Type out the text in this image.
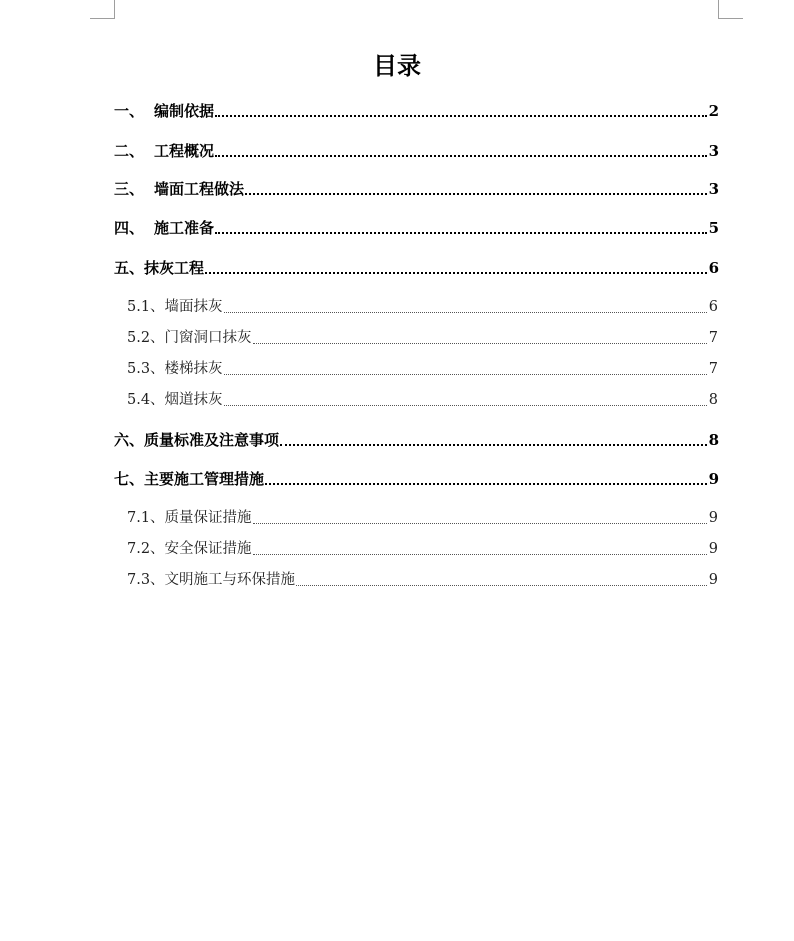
目录
一、 编制依据	2
二、 工程概况	3
三、 墙面工程做法	3
四、 施工准备	5
五、抹灰工程	6
5.1、墙面抹灰	6
5.2、门窗洞口抹灰	7
5.3、楼梯抹灰	7
5.4、烟道抹灰	8
六、质量标准及注意事项	8
七、主要施工管理措施	9
7.1、质量保证措施	9
7.2、安全保证措施	9
7.3、文明施工与环保措施	9
